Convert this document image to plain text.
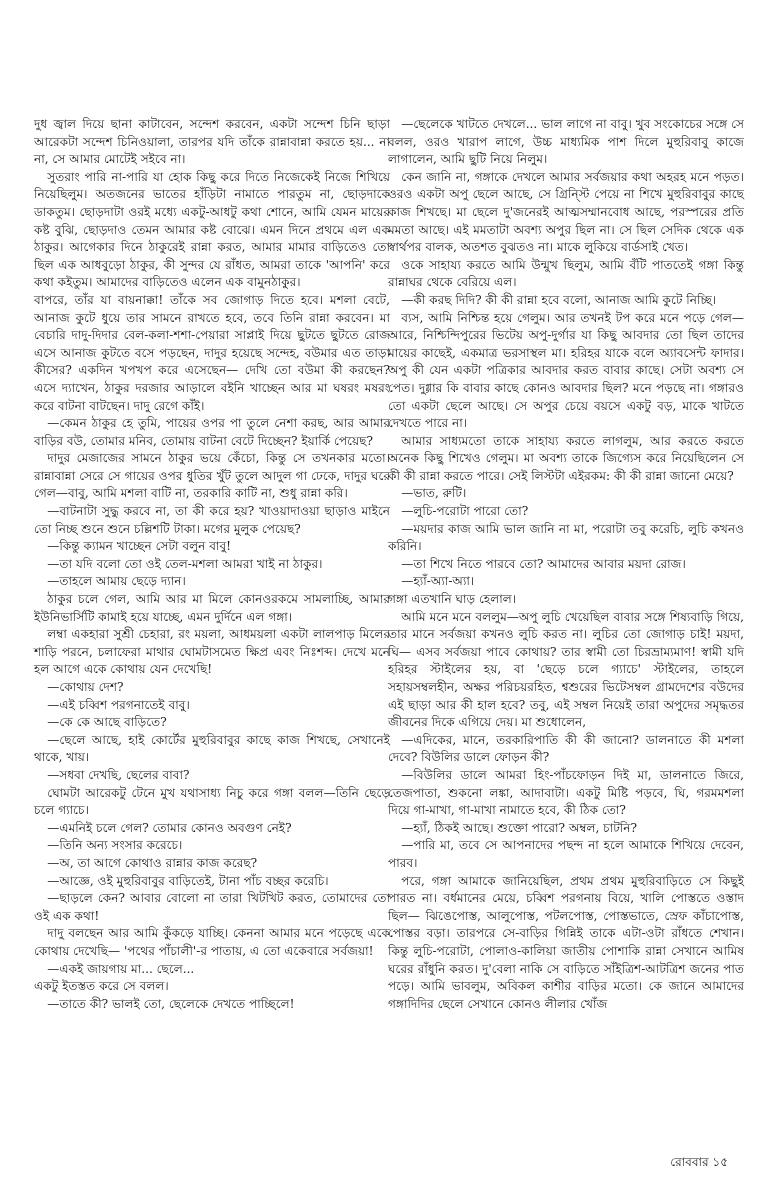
দুধ জ্বাল দিয়ে ছানা কাটাবেন, সন্দেশ করবেন, একটা সন্দেশ চিনি ছাড়া আরেকটা সন্দেশ চিনিওয়ালা, তারপর যদি তাঁকে রান্নাবান্না করতে হয়... না না, সে আমার মোটেই সইবে না।

সুতরাং পারি না-পারি যা হোক কিছু করে দিতে নিজেকেই নিজে শিখিয়ে নিয়েছিলুম। অতজনের ভাতের হাঁড়িটা নামাতে পারতুম না, ছোড়দাকে ডাকতুম। ছোড়দাটা ওরই মধ্যে একটু-আধটু কথা শোনে, আমি যেমন মায়ের কষ্ট বুঝি, ছোড়দাও তেমন আমার কষ্ট বোঝে। এমন দিনে প্রথমে এল এক ঠাকুর। আগেকার দিনে ঠাকুরেই রান্না করত, আমার মামার বাড়িতেও তো ছিল এক আধবুড়ো ঠাকুর, কী সুন্দর যে রাঁধত, আমরা তাকে 'আপনি' করে কথা কইতুম। আমাদের বাড়িতেও এলেন এক বামুনঠাকুর।

বাপরে, তাঁর যা বায়নাক্কা! তাঁকে সব জোগাড় দিতে হবে। মশলা বেটে, আনাজ কুটে ধুয়ে তার সামনে রাখতে হবে, তবে তিনি রান্না করবেন। মা বেচারি দাদু-দিদার বেল-কলা-শশা-পেয়ারা সাপ্লাই দিয়ে ছুটতে ছুটতে রোজ এসে আনাজ কুটতে বসে পড়ছেন, দাদুর হয়েছে সন্দেহ, বউমার এত তাড়া কীসের? একদিন খপখপ করে এসেছেন— দেখি তো বউমা কী করছেন? এসে দ্যাখেন, ঠাকুর দরজার আড়ালে বইনি খাচ্ছেন আর মা ঘষরং মষরং করে বাটনা বাটছেন। দাদু রেগে কাঁই।

—কেমন ঠাকুর হে তুমি, পায়ের ওপর পা তুলে নেশা করছ, আর আমার বাড়ির বউ, তোমার মনিব, তোমায় বাটনা বেটে দিচ্ছেন? ইয়ার্কি পেয়েছ?

দাদুর মেজাজের সামনে ঠাকুর ভয়ে কেঁচো, কিন্তু সে তখনকার মতো। রান্নাবান্না সেরে সে গায়ের ওপর ধুতির খুঁট তুলে আদুল গা ঢেকে, দাদুর ঘরে গেল—বাবু, আমি মশলা বাটি না, তরকারি কাটি না, শুধু রান্না করি।

—বাটনাটা সুদ্ধু করবে না, তা কী করে হয়? খাওয়াদাওয়া ছাড়াও মাইনে তো নিচ্ছ শুনে শুনে চল্লিশটি টাকা। মগের মুলুক পেয়েছ?

—কিন্তু ক্যামন খাচ্ছেন সেটা বলুন বাবু!

—তা যদি বলো তো ওই তেল-মশলা আমরা খাই না ঠাকুর।

—তাহলে আমায় ছেড়ে দ্যান।

ঠাকুর চলে গেল, আমি আর মা মিলে কোনওরকমে সামলাচ্ছি, আমার ইউনিভার্সিটি কামাই হয়ে যাচ্ছে, এমন দুর্দিনে এল গঙ্গা।

লম্বা একহারা সুশ্রী চেহারা, রং ময়লা, আধময়লা একটা লালপাড় মিলের শাড়ি পরনে, চলাফেরা মাথার ঘোমটাসমেত ক্ষিপ্র এবং নিঃশব্দ। দেখে মনে হল আগে একে কোথায় যেন দেখেছি!

—কোথায় দেশ?

—এই চব্বিশ পরগনাতেই বাবু।

—কে কে আছে বাড়িতে?

—ছেলে আছে, হাই কোর্টের মুহুরিবাবুর কাছে কাজ শিখছে, সেখানেই থাকে, খায়।

—সধবা দেখছি, ছেলের বাবা?

ঘোমটা আরেকটু টেনে মুখ যথাসাধ্য নিচু করে গঙ্গা বলল—তিনি ছেড়ে চলে গ্যাচে।

—এমনিই চলে গেল? তোমার কোনও অবগুণ নেই?

—তিনি অন্য সংসার করেচে।

—অ, তা আগে কোথাও রান্নার কাজ করেছ?

—আজ্ঞে, ওই মুহুরিবাবুর বাড়িতেই, টানা পাঁচ বচ্ছর করেচি।

—ছাড়লে কেন? আবার বোলো না তারা খিটখিট করত, তোমাদের তো ওই এক কথা!

দাদু বলছেন আর আমি কুঁকড়ে যাচ্ছি। কেননা আমার মনে পড়েছে একে কোথায় দেখেছি— 'পথের পাঁচালী'-র পাতায়, এ তো একেবারে সর্বজয়া!

—একই জায়গায় মা... ছেলে...

একটু ইতস্তত করে সে বলল।

—তাতে কী? ভালই তো, ছেলেকে দেখতে পাচ্ছিলে!

—ছেলেকে খাটতে দেখলে... ভাল লাগে না বাবু। খুব সংকোচের সঙ্গে সে বলল, ওরও খারাপ লাগে, উচ্চ মাধ্যমিক পাশ দিলে মুহুরিবাবু কাজে লাগালেন, আমি ছুটি নিয়ে নিলুম।

কেন জানি না, গঙ্গাকে দেখলে আমার সর্বজয়ার কথা অহরহ মনে পড়ত। ওরও একটা অপু ছেলে আছে, সে গ্রিন্স্টি পেয়ে না শিখে মুহুরিবাবুর কাছে কাজ শিখছে। মা ছেলে দু'জনেরই আত্মসম্মানবোধ আছে, পরস্পরের প্রতি মমতা আছে। এই মমতাটা অবশ্য অপুর ছিল না। সে ছিল সেদিক থেকে এক স্বার্থপর বালক, অতশত বুঝতও না। মাকে লুকিয়ে বার্ডসাই খেত।

ওকে সাহায্য করতে আমি উন্মুখ ছিলুম, আমি বঁটি পাততেই গঙ্গা কিন্তু রান্নাঘর থেকে বেরিয়ে এল।

—কী করছ দিদি? কী কী রান্না হবে বলো, আনাজ আমি কুটে নিচ্ছি।

ব্যস, আমি নিশ্চিন্ত হয়ে গেলুম। আর তখনই টপ করে মনে পড়ে গেল— আরে, নিশ্চিন্দিপুরের ভিটেয় অপু-দুর্গার যা কিছু আবদার তো ছিল তাদের মায়ের কাছেই, একমাত্র ভরসাস্থল মা। হরিহর যাকে বলে অ্যাবসেন্ট ফাদার। অপু কী যেন একটা পত্রিকার আবদার করত বাবার কাছে। সেটা অবশ্য সে পেত। দুগ্গার কি বাবার কাছে কোনও আবদার ছিল? মনে পড়ছে না। গঙ্গারও তো একটা ছেলে আছে। সে অপুর চেয়ে বয়সে একটু বড়, মাকে খাটতে দেখতে পারে না।

আমার সাধ্যমতো তাকে সাহায্য করতে লাগলুম, আর করতে করতে অনেক কিছু শিখেও গেলুম। মা অবশ্য তাকে জিগ্যেস করে নিয়েছিলেন সে কী কী রান্না করতে পারে। সেই লিস্টটা এইরকম: কী কী রান্না জানো মেয়ে?

—ভাত, রুটি।

—লুচি-পরোটা পারো তো?

—ময়দার কাজ আমি ভাল জানি না মা, পরোটা তবু করেচি, লুচি কখনও করিনি।

—তা শিখে নিতে পারবে তো? আমাদের আবার ময়দা রোজ।

—হ্যাঁ-অ্যা-অ্যা।

গঙ্গা এতখানি ঘাড় হেলাল।

আমি মনে মনে বললুম—অপু লুচি খেয়েছিল বাবার সঙ্গে শিষ্যবাড়ি গিয়ে, তার মানে সর্বজয়া কখনও লুচি করত না। লুচির তো জোগাড় চাই! ময়দা, ঘি— এসব সর্বজয়া পাবে কোথায়? তার স্বামী তো চিরভ্রাম্যমাণ! স্বামী যদি হরিহর স্টাইলের হয়, বা 'ছেড়ে চলে গ্যাচে' স্টাইলের, তাহলে সহায়সম্বলহীন, অক্ষর পরিচয়রহিত, শ্বশুরের ভিটেসম্বল গ্রামদেশের বউদের এই ছাড়া আর কী হাল হবে? তবু, এই সম্বল নিয়েই তারা অপুদের সমৃদ্ধতর জীবনের দিকে এগিয়ে দেয়। মা শুধোলেন,

—এদিকের, মানে, তরকারিপাতি কী কী জানো? ডালনাতে কী মশলা দেবে? বিউলির ডালে ফোড়ন কী?

—বিউলির ডালে আমরা হিং-পাঁচফোড়ন দিই মা, ডালনাতে জিরে, তেজপাতা, শুকনো লঙ্কা, আদাবাটা। একটু মিষ্টি পড়বে, ঘি, গরমমশলা দিয়ে গা-মাখা, গা-মাখা নামাতে হবে, কী ঠিক তো?

—হ্যাঁ, ঠিকই আছে। শুক্তো পারো? অম্বল, চাটনি?

—পারি মা, তবে সে আপনাদের পছন্দ না হলে আমাকে শিখিয়ে দেবেন, পারব।

পরে, গঙ্গা আমাকে জানিয়েছিল, প্রথম প্রথম মুহুরিবাড়িতে সে কিছুই পারত না। বর্ধমানের মেয়ে, চব্বিশ পরগনায় বিয়ে, খালি পোস্ততে ওস্তাদ ছিল— ঝিঙেপোস্ত, আলুপোস্ত, পটলপোস্ত, পোস্তভাতে, স্রেফ কাঁচাপোস্ত, পোস্তর বড়া। তারপরে সে-বাড়ির গিন্নিই তাকে এটা-ওটা রাঁধতে শেখান। কিন্তু লুচি-পরোটা, পোলাও-কালিয়া জাতীয় পোশাকি রান্না সেখানে আমিষ ঘরের রাঁধুনি করত। দু'বেলা নাকি সে বাড়িতে সাঁইত্রিশ-আটত্রিশ জনের পাত পড়ে। আমি ভাবলুম, অবিকল কাশীর বাড়ির মতো। কে জানে আমাদের গঙ্গাদিদির ছেলে সেখানে কোনও লীলার খোঁজ

রোববার ১৫
